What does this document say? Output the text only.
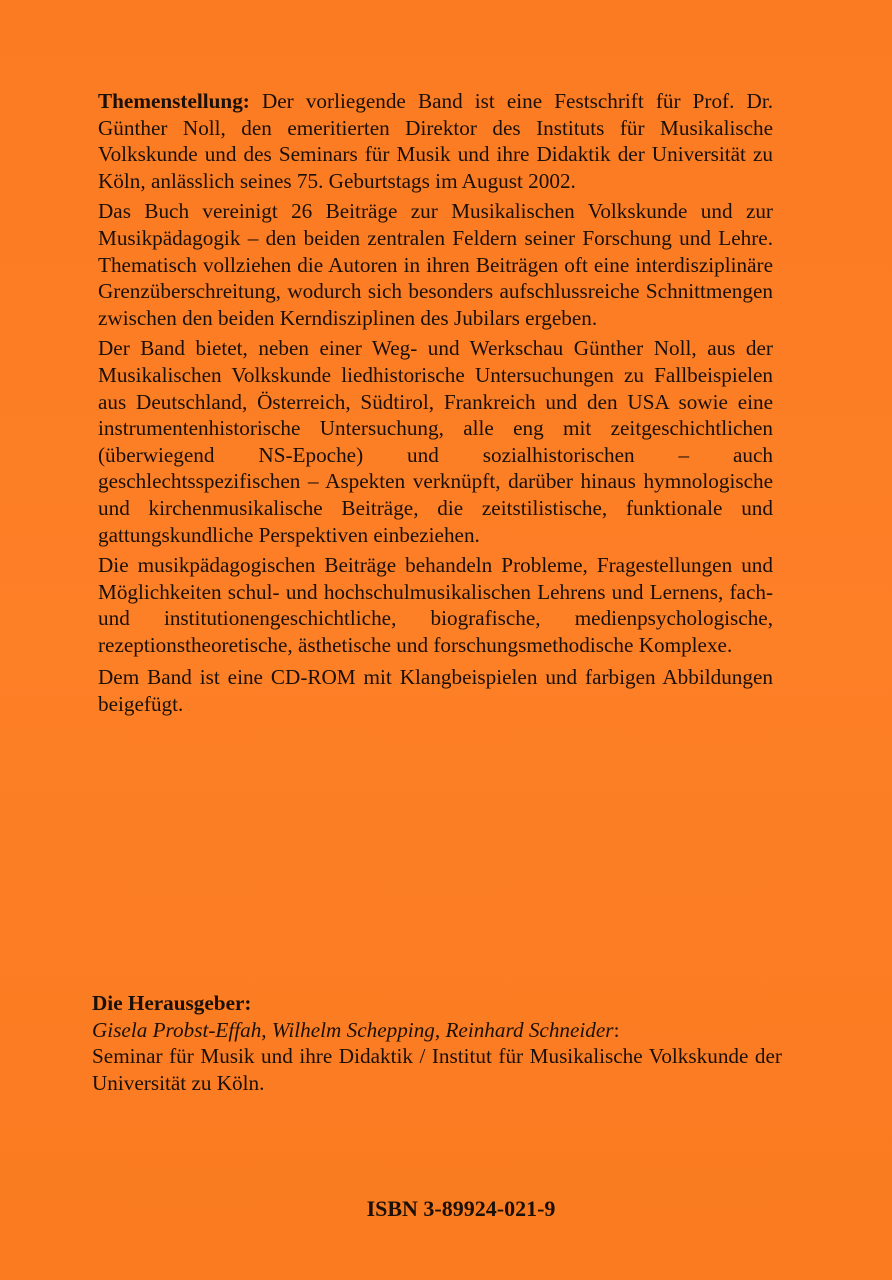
Themenstellung: Der vorliegende Band ist eine Festschrift für Prof. Dr. Günther Noll, den emeritierten Direktor des Instituts für Musikalische Volkskunde und des Seminars für Musik und ihre Didaktik der Universität zu Köln, anlässlich seines 75. Geburtstags im August 2002.

Das Buch vereinigt 26 Beiträge zur Musikalischen Volkskunde und zur Musikpädagogik – den beiden zentralen Feldern seiner Forschung und Lehre. Thematisch vollziehen die Autoren in ihren Beiträgen oft eine interdisziplinäre Grenzüberschreitung, wodurch sich besonders aufschlussreiche Schnittmengen zwischen den beiden Kerndisziplinen des Jubilars ergeben.

Der Band bietet, neben einer Weg- und Werkschau Günther Noll, aus der Musikalischen Volkskunde liedhistorische Untersuchungen zu Fallbeispielen aus Deutschland, Österreich, Südtirol, Frankreich und den USA sowie eine instrumentenhistorische Untersuchung, alle eng mit zeitgeschichtlichen (überwiegend NS-Epoche) und sozialhistorischen – auch geschlechtsspezifischen – Aspekten verknüpft, darüber hinaus hymnologische und kirchenmusikalische Beiträge, die zeitstilistische, funktionale und gattungskundliche Perspektiven einbeziehen.

Die musikpädagogischen Beiträge behandeln Probleme, Fragestellungen und Möglichkeiten schul- und hochschulmusikalischen Lehrens und Lernens, fach- und institutionengeschichtliche, biografische, medienpsychologische, rezeptionstheoretische, ästhetische und forschungsmethodische Komplexe.

Dem Band ist eine CD-ROM mit Klangbeispielen und farbigen Abbildungen beigefügt.

Die Herausgeber:
Gisela Probst-Effah, Wilhelm Schepping, Reinhard Schneider:
Seminar für Musik und ihre Didaktik / Institut für Musikalische Volkskunde der Universität zu Köln.
ISBN 3-89924-021-9
